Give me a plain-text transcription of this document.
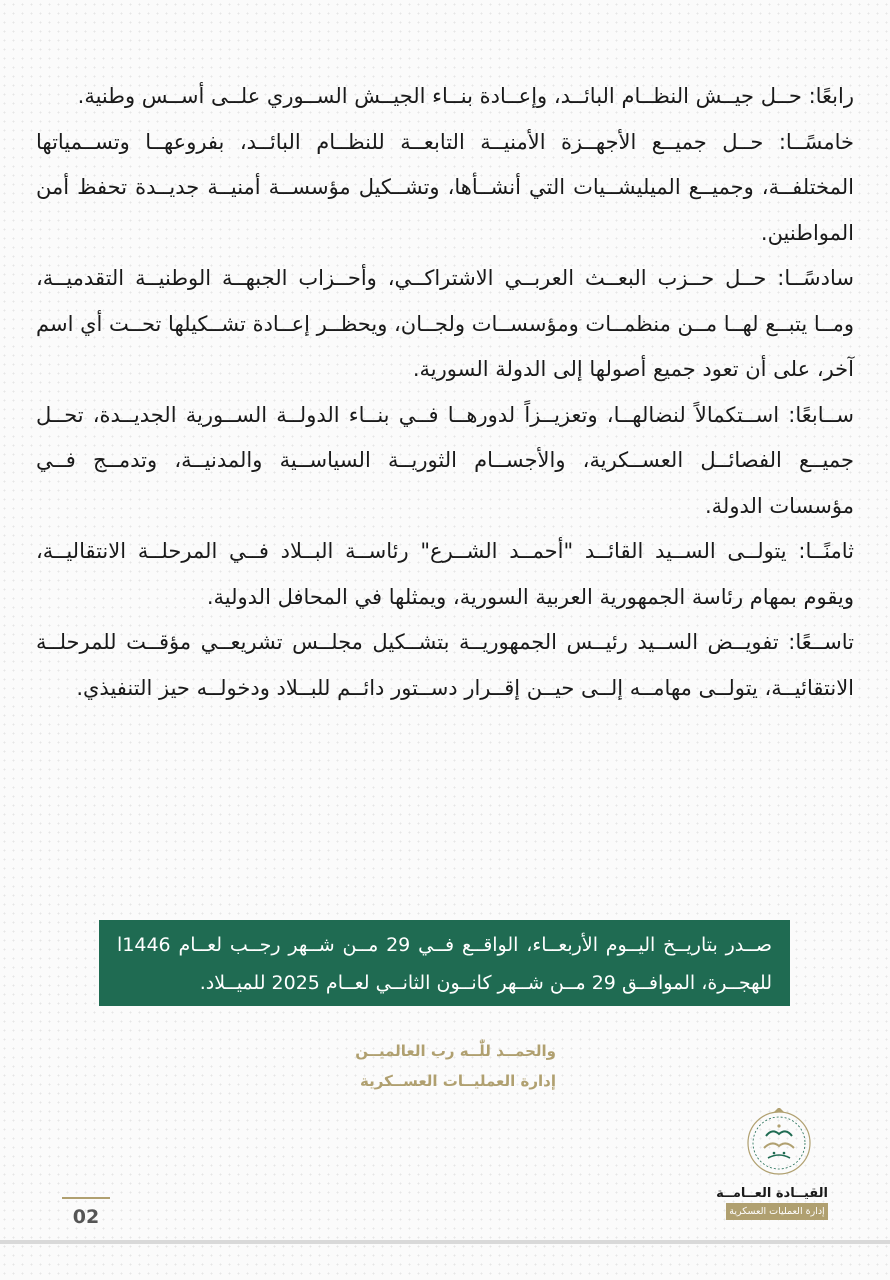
رابعًا: حــل جيــش النظــام البائــد، وإعــادة بنــاء الجيــش الســوري علــى أســس وطنية.

خامسًــا: حــل جميــع الأجهــزة الأمنيــة التابعــة للنظــام البائــد، بفروعهــا وتســمياتها المختلفــة، وجميــع الميليشــيات التي أنشــأها، وتشــكيل مؤسســة أمنيــة جديــدة تحفظ أمن المواطنين.

سادسًــا: حــل حــزب البعــث العربــي الاشتراكــي، وأحــزاب الجبهــة الوطنيــة التقدميــة، ومــا يتبــع لهــا مــن منظمــات ومؤسســات ولجــان، ويحظــر إعــادة تشــكيلها تحــت أي اسم آخر، على أن تعود جميع أصولها إلى الدولة السورية.

ســابعًا: اســتكمالاً لنضالهــا، وتعزيــزاً لدورهــا فــي بنــاء الدولــة الســورية الجديــدة، تحــل جميــع الفصائــل العســكرية، والأجســام الثوريــة السياســية والمدنيــة، وتدمــج فــي مؤسسات الدولة.

ثامنًــا: يتولــى الســيد القائــد "أحمــد الشــرع" رئاســة البــلاد فــي المرحلــة الانتقاليــة، ويقوم بمهام رئاسة الجمهورية العربية السورية، ويمثلها في المحافل الدولية.

تاســعًا: تفويــض الســيد رئيــس الجمهوريــة بتشــكيل مجلــس تشريعــي مؤقــت للمرحلــة الانتقائيــة، يتولــى مهامــه إلــى حيــن إقــرار دســتور دائــم للبــلاد ودخولــه حيز التنفيذي.

صــدر بتاريــخ اليــوم الأربعــاء، الواقــع فــي 29 مــن شــهر رجــب لعــام 1446ا للهجــرة، الموافــق 29 مــن شــهر كانــون الثانــي لعــام 2025 للميــلاد.
والحمــد للّٰــه رب العالميــن
إدارة العمليــات العســكرية
القيــادة العــامــة
إدارة العمليات العسكرية
02
